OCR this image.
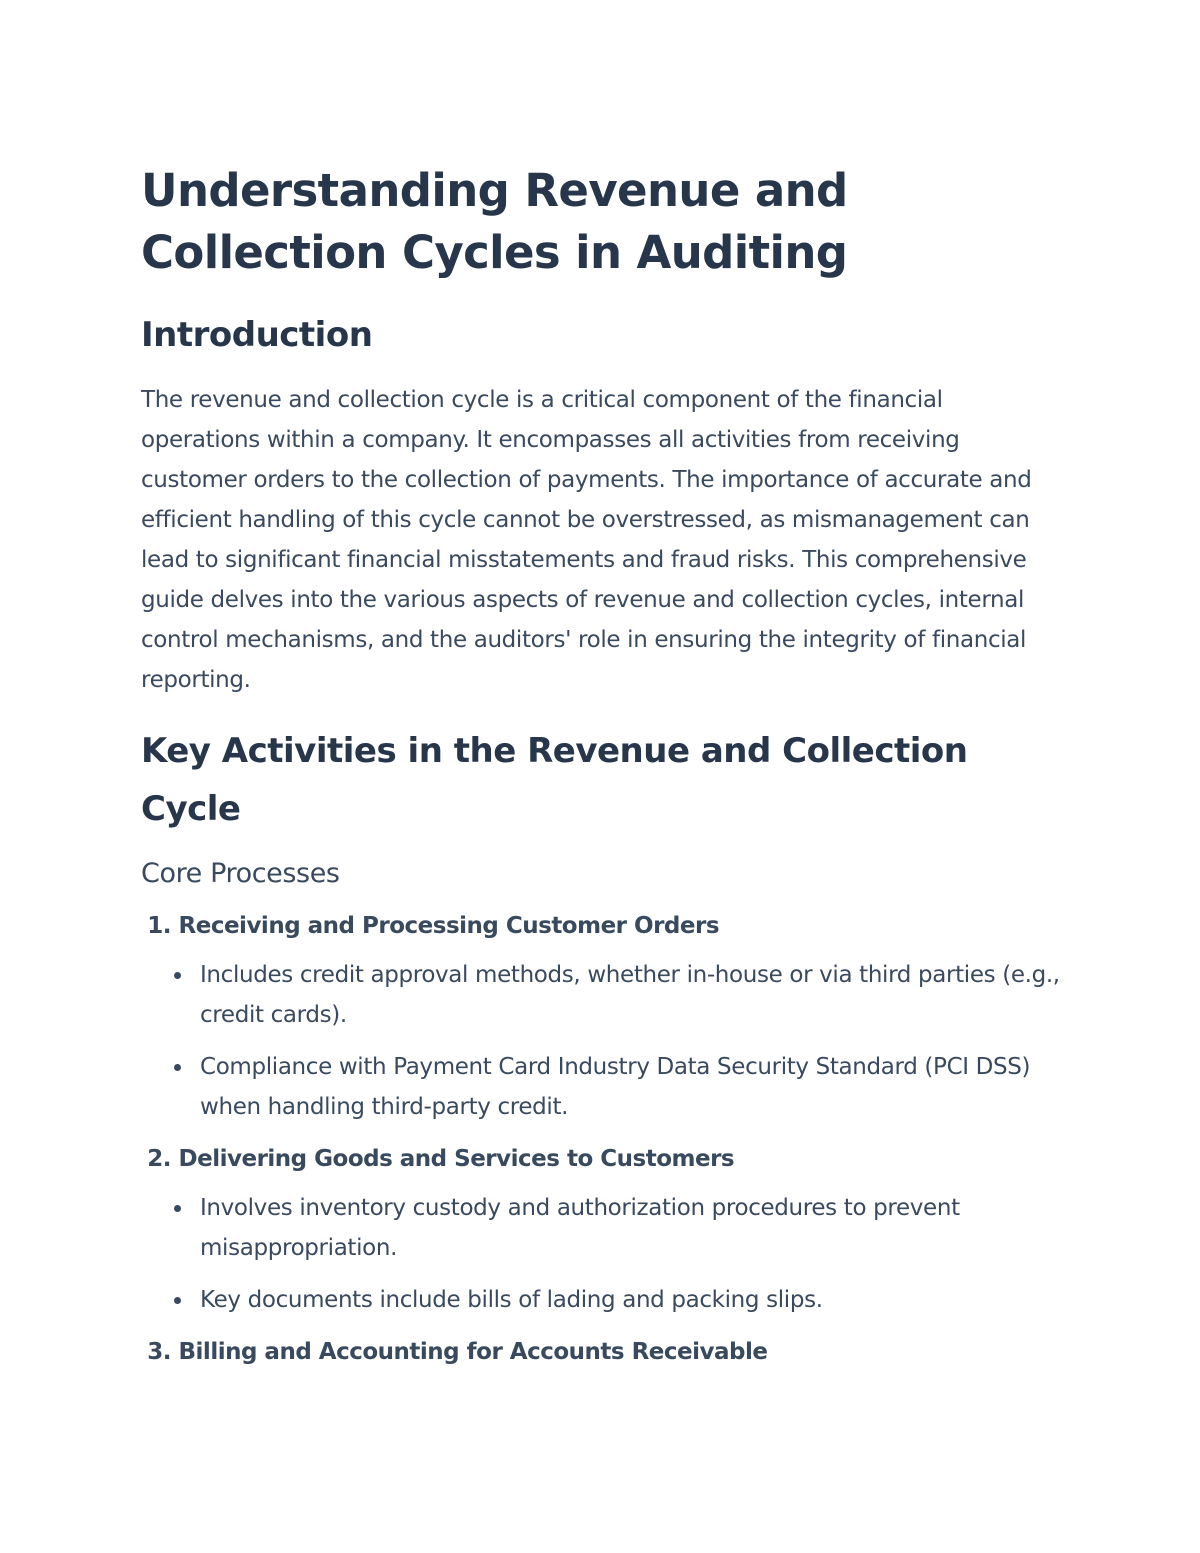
Understanding Revenue and Collection Cycles in Auditing
Introduction

The revenue and collection cycle is a critical component of the financial operations within a company. It encompasses all activities from receiving customer orders to the collection of payments. The importance of accurate and efficient handling of this cycle cannot be overstressed, as mismanagement can lead to significant financial misstatements and fraud risks. This comprehensive guide delves into the various aspects of revenue and collection cycles, internal control mechanisms, and the auditors' role in ensuring the integrity of financial reporting.

Key Activities in the Revenue and Collection Cycle
Core Processes
1. Receiving and Processing Customer Orders
Includes credit approval methods, whether in-house or via third parties (e.g., credit cards).
Compliance with Payment Card Industry Data Security Standard (PCI DSS) when handling third-party credit.
2. Delivering Goods and Services to Customers
Involves inventory custody and authorization procedures to prevent misappropriation.
Key documents include bills of lading and packing slips.
3. Billing and Accounting for Accounts Receivable
